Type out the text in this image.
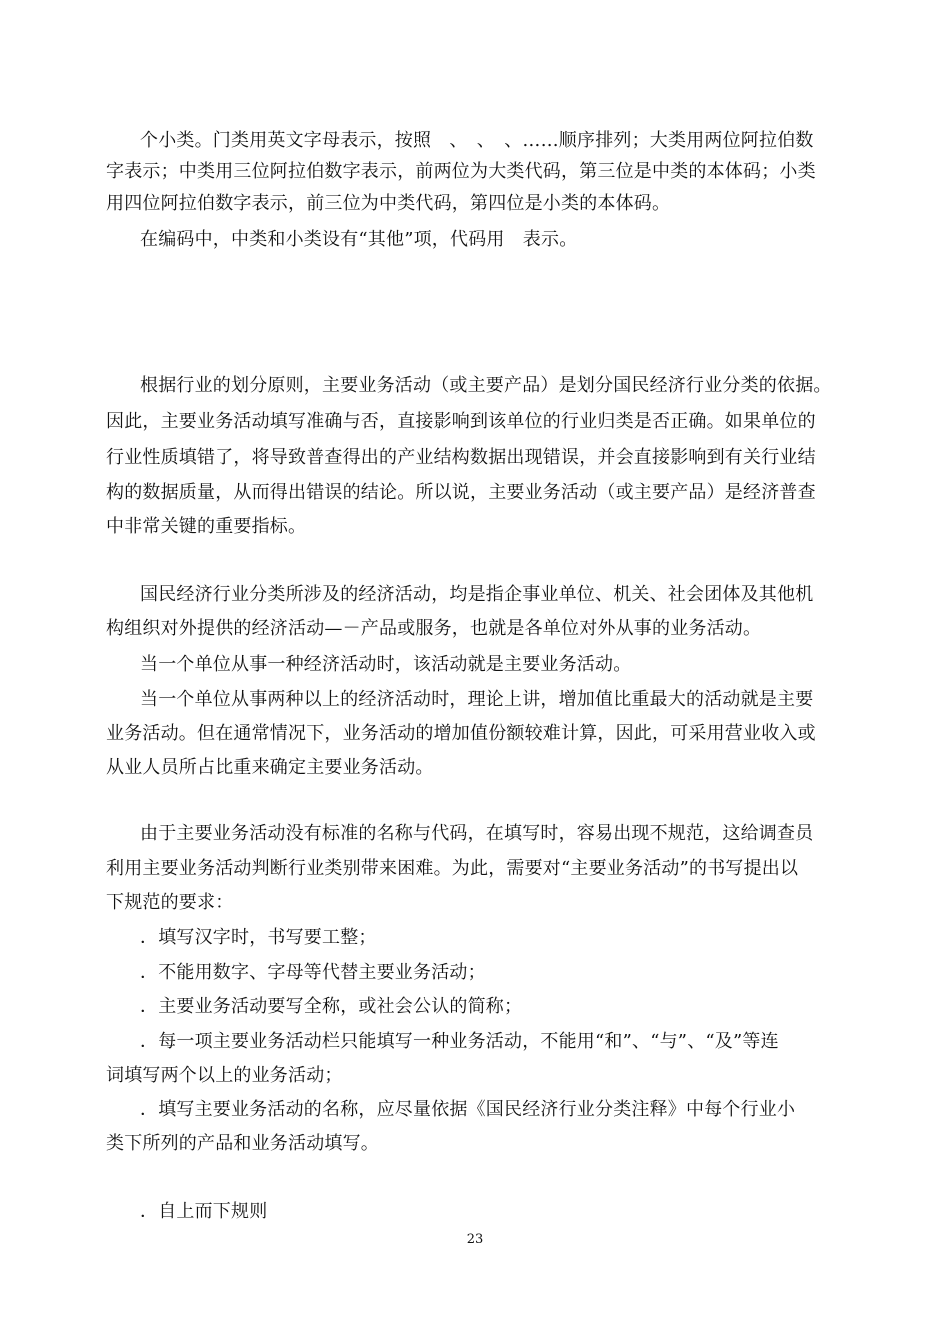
个小类。门类用英文字母表示，按照　、　、　、……顺序排列；大类用两位阿拉伯数
字表示；中类用三位阿拉伯数字表示，前两位为大类代码，第三位是中类的本体码；小类
用四位阿拉伯数字表示，前三位为中类代码，第四位是小类的本体码。
在编码中，中类和小类设有“其他”项，代码用　表示。
根据行业的划分原则，主要业务活动（或主要产品）是划分国民经济行业分类的依据。
因此，主要业务活动填写准确与否，直接影响到该单位的行业归类是否正确。如果单位的
行业性质填错了，将导致普查得出的产业结构数据出现错误，并会直接影响到有关行业结
构的数据质量，从而得出错误的结论。所以说，主要业务活动（或主要产品）是经济普查
中非常关键的重要指标。
国民经济行业分类所涉及的经济活动，均是指企事业单位、机关、社会团体及其他机
构组织对外提供的经济活动—－产品或服务，也就是各单位对外从事的业务活动。
当一个单位从事一种经济活动时，该活动就是主要业务活动。
当一个单位从事两种以上的经济活动时，理论上讲，增加值比重最大的活动就是主要
业务活动。但在通常情况下，业务活动的增加值份额较难计算，因此，可采用营业收入或
从业人员所占比重来确定主要业务活动。
由于主要业务活动没有标准的名称与代码，在填写时，容易出现不规范，这给调查员
利用主要业务活动判断行业类别带来困难。为此，需要对“主要业务活动”的书写提出以
下规范的要求：
．填写汉字时，书写要工整；
．不能用数字、字母等代替主要业务活动；
．主要业务活动要写全称，或社会公认的简称；
．每一项主要业务活动栏只能填写一种业务活动，不能用“和”、“与”、“及”等连
词填写两个以上的业务活动；
．填写主要业务活动的名称，应尽量依据《国民经济行业分类注释》中每个行业小
类下所列的产品和业务活动填写。
．自上而下规则
23
